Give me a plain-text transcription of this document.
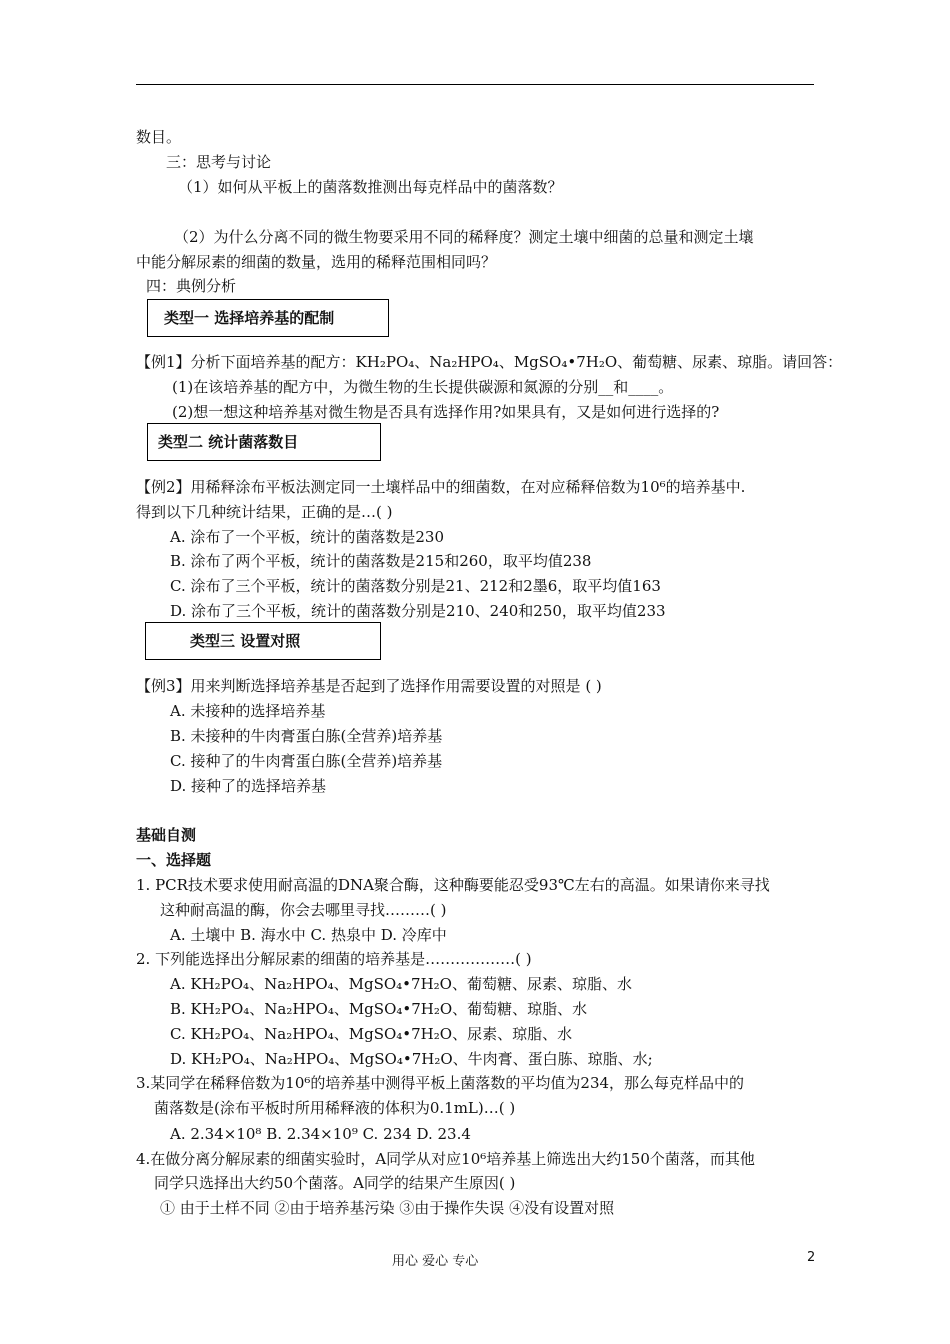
数目。
三：思考与讨论
（1）如何从平板上的菌落数推测出每克样品中的菌落数？
（2）为什么分离不同的微生物要采用不同的稀释度？测定土壤中细菌的总量和测定土壤
中能分解尿素的细菌的数量，选用的稀释范围相同吗？
四：典例分析
类型一 选择培养基的配制
【例1】分析下面培养基的配方：KH₂PO₄、Na₂HPO₄、MgSO₄•7H₂O、葡萄糖、尿素、琼脂。请回答：
(1)在该培养基的配方中，为微生物的生长提供碳源和氮源的分别__和____。
(2)想一想这种培养基对微生物是否具有选择作用?如果具有，又是如何进行选择的?
类型二 统计菌落数目
【例2】用稀释涂布平板法测定同一土壤样品中的细菌数，在对应稀释倍数为10⁶的培养基中.
得到以下几种统计结果，正确的是…( )
A. 涂布了一个平板，统计的菌落数是230
B. 涂布了两个平板，统计的菌落数是215和260，取平均值238
C. 涂布了三个平板，统计的菌落数分别是21、212和2墨6，取平均值163
D. 涂布了三个平板，统计的菌落数分别是210、240和250，取平均值233
类型三 设置对照
【例3】用来判断选择培养基是否起到了选择作用需要设置的对照是 ( )
A. 未接种的选择培养基
B. 未接种的牛肉膏蛋白胨(全营养)培养基
C. 接种了的牛肉膏蛋白胨(全营养)培养基
D. 接种了的选择培养基
基础自测
一、选择题
1. PCR技术要求使用耐高温的DNA聚合酶，这种酶要能忍受93℃左右的高温。如果请你来寻找
这种耐高温的酶，你会去哪里寻找………( )
A. 土壤中 B. 海水中 C. 热泉中 D. 冷库中
2. 下列能选择出分解尿素的细菌的培养基是………………( )
A. KH₂PO₄、Na₂HPO₄、MgSO₄•7H₂O、葡萄糖、尿素、琼脂、水
B. KH₂PO₄、Na₂HPO₄、MgSO₄•7H₂O、葡萄糖、琼脂、水
C. KH₂PO₄、Na₂HPO₄、MgSO₄•7H₂O、尿素、琼脂、水
D. KH₂PO₄、Na₂HPO₄、MgSO₄•7H₂O、牛肉膏、蛋白胨、琼脂、水;
3.某同学在稀释倍数为10⁶的培养基中测得平板上菌落数的平均值为234，那么每克样品中的
菌落数是(涂布平板时所用稀释液的体积为0.1mL)…( )
A. 2.34×10⁸ B. 2.34×10⁹ C. 234 D. 23.4
4.在做分离分解尿素的细菌实验时，A同学从对应10⁶培养基上筛选出大约150个菌落，而其他
同学只选择出大约50个菌落。A同学的结果产生原因( )
① 由于土样不同 ②由于培养基污染 ③由于操作失误 ④没有设置对照
用心 爱心 专心	2
